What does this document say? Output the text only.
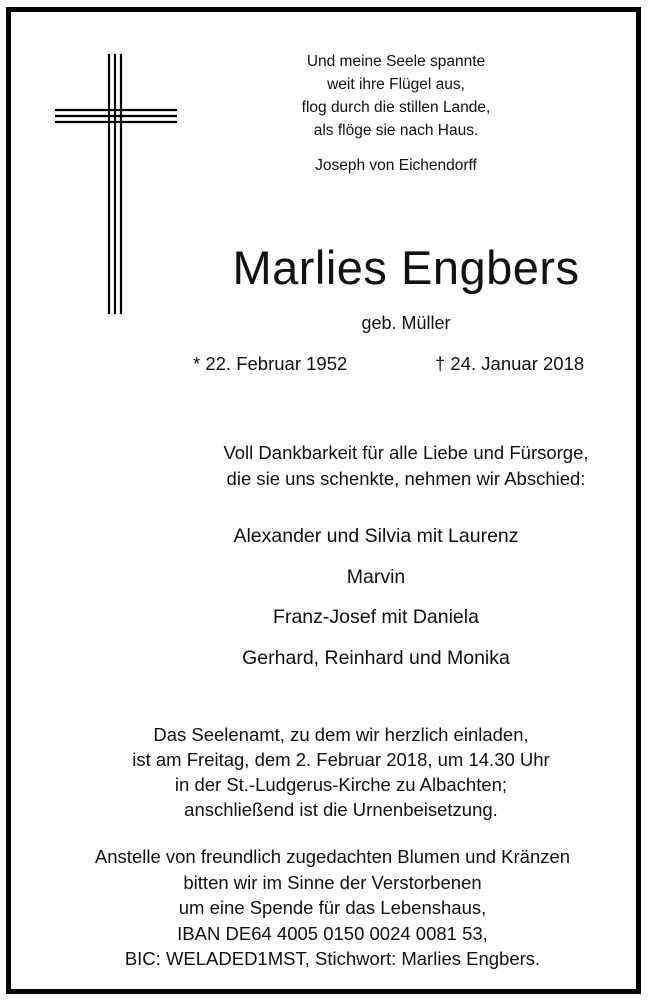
Und meine Seele spannte

weit ihre Flügel aus,

flog durch die stillen Lande,

als flöge sie nach Haus.

Joseph von Eichendorff

Marlies Engbers

geb. Müller

* 22. Februar 1952	† 24. Januar 2018

Voll Dankbarkeit für alle Liebe und Fürsorge,

die sie uns schenkte, nehmen wir Abschied:

Alexander und Silvia mit Laurenz

Marvin

Franz-Josef mit Daniela

Gerhard, Reinhard und Monika

Das Seelenamt, zu dem wir herzlich einladen,

ist am Freitag, dem 2. Februar 2018, um 14.30 Uhr

in der St.-Ludgerus-Kirche zu Albachten;

anschließend ist die Urnenbeisetzung.

Anstelle von freundlich zugedachten Blumen und Kränzen

bitten wir im Sinne der Verstorbenen

um eine Spende für das Lebenshaus,

IBAN DE64 4005 0150 0024 0081 53,

BIC: WELADED1MST, Stichwort: Marlies Engbers.
